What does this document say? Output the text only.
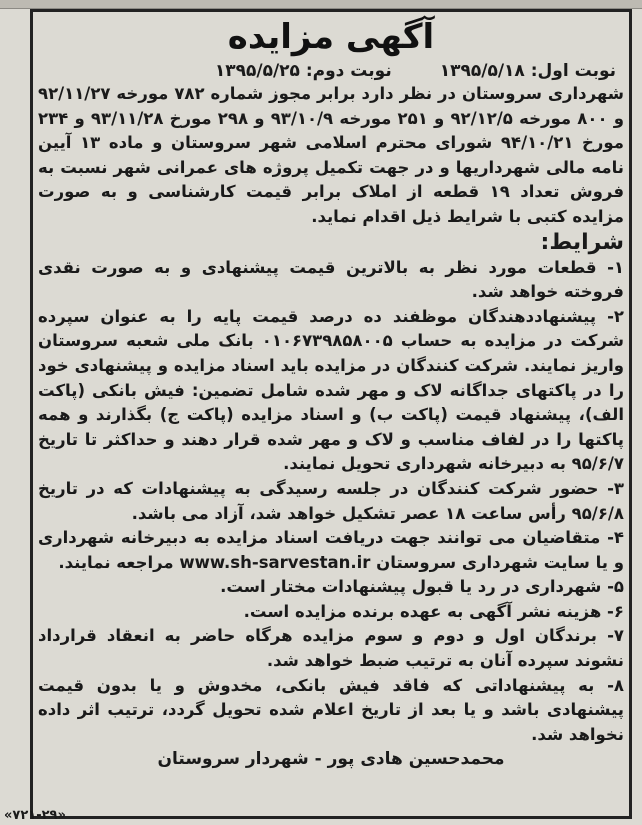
آگهی مزایده
نوبت اول: ۱۳۹۵/۵/۱۸
نوبت دوم: ۱۳۹۵/۵/۲۵

شهرداری سروستان در نظر دارد برابر مجوز شماره ۷۸۲ مورخه ۹۲/۱۱/۲۷ و ۸۰۰ مورخه ۹۲/۱۲/۵ و ۲۵۱ مورخه ۹۳/۱۰/۹ و ۲۹۸ مورخ ۹۳/۱۱/۲۸ و ۲۳۴ مورخ ۹۴/۱۰/۲۱ شورای محترم اسلامی شهر سروستان و ماده ۱۳ آیین نامه مالی شهرداریها و در جهت تکمیل پروژه های عمرانی شهر نسبت به فروش تعداد ۱۹ قطعه از املاک برابر قیمت کارشناسی و به صورت مزایده کتبی با شرایط ذیل اقدام نماید.

شرایط:

۱- قطعات مورد نظر به بالاترین قیمت پیشنهادی و به صورت نقدی فروخته خواهد شد.

۲- پیشنهاددهندگان موظفند ده درصد قیمت پایه را به عنوان سپرده شرکت در مزایده به حساب ۰۱۰۶۷۳۹۸۵۸۰۰۵ بانک ملی شعبه سروستان واریز نمایند. شرکت کنندگان در مزایده باید اسناد مزایده و پیشنهادی خود را در پاکتهای جداگانه لاک و مهر شده شامل تضمین: فیش بانکی (پاکت الف)، پیشنهاد قیمت (پاکت ب) و اسناد مزایده (پاکت ج) بگذارند و همه پاکتها را در لفاف مناسب و لاک و مهر شده قرار دهند و حداکثر تا تاریخ ۹۵/۶/۷ به دبیرخانه شهرداری تحویل نمایند.

۳- حضور شرکت کنندگان در جلسه رسیدگی به پیشنهادات که در تاریخ ۹۵/۶/۸ رأس ساعت ۱۸ عصر تشکیل خواهد شد، آزاد می باشد.

۴- متقاضیان می توانند جهت دریافت اسناد مزایده به دبیرخانه شهرداری و یا سایت شهرداری سروستان www.sh-sarvestan.ir مراجعه نمایند.

۵- شهرداری در رد یا قبول پیشنهادات مختار است.

۶- هزینه نشر آگهی به عهده برنده مزایده است.

۷- برندگان اول و دوم و سوم مزایده هرگاه حاضر به انعقاد قرارداد نشوند سپرده آنان به ترتیب ضبط خواهد شد.

۸- به پیشنهاداتی که فاقد فیش بانکی، مخدوش و یا بدون قیمت پیشنهادی باشد و یا بعد از تاریخ اعلام شده تحویل گردد، ترتیب اثر داده نخواهد شد.

محمدحسین هادی پور - شهردار سروستان
«۷۲۱-۲۹»
